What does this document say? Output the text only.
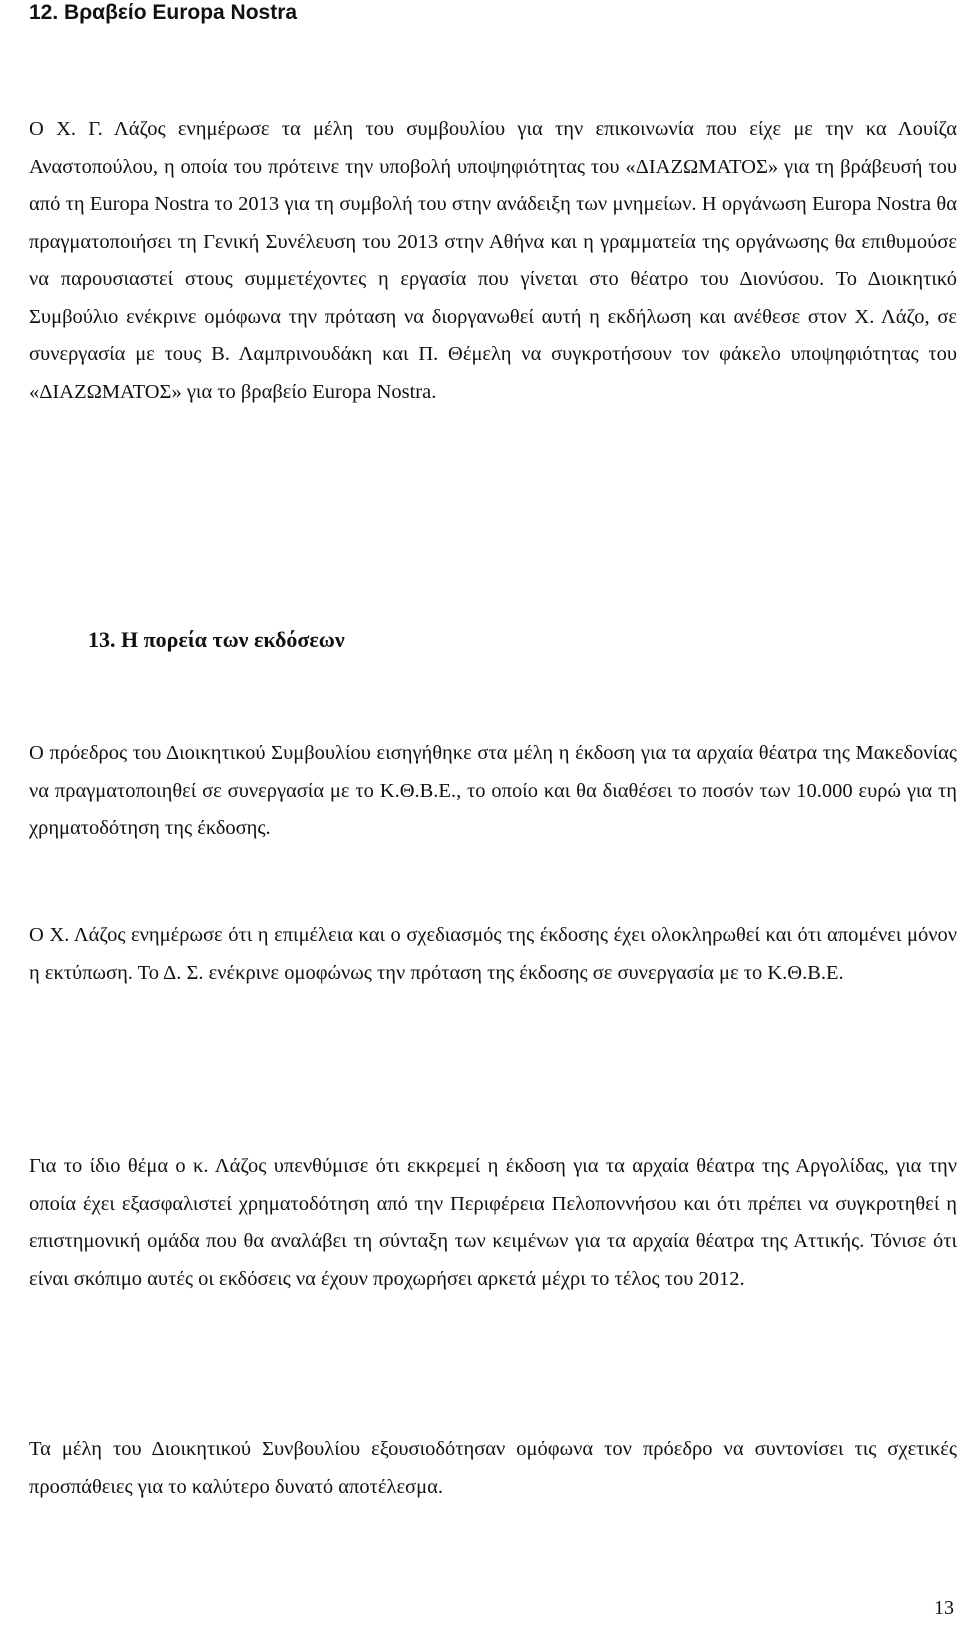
12. Βραβείο Europa Nostra

Ο Χ. Γ. Λάζος ενημέρωσε τα μέλη του συμβουλίου για την επικοινωνία που είχε με την κα Λουίζα Αναστοπούλου, η οποία του πρότεινε την υποβολή υποψηφιότητας του «ΔΙΑΖΩΜΑΤΟΣ» για τη βράβευσή του από τη Europa Nostra το 2013 για τη συμβολή του στην ανάδειξη των μνημείων. Η οργάνωση Europa Nostra θα πραγματοποιήσει τη Γενική Συνέλευση του 2013 στην Αθήνα και η γραμματεία της οργάνωσης θα επιθυμούσε να παρουσιαστεί στους συμμετέχοντες η εργασία που γίνεται στο θέατρο του Διονύσου. Το Διοικητικό Συμβούλιο ενέκρινε ομόφωνα την πρόταση να διοργανωθεί αυτή η εκδήλωση και ανέθεσε στον Χ. Λάζο, σε συνεργασία με τους Β. Λαμπρινουδάκη και Π. Θέμελη να συγκροτήσουν τον φάκελο υποψηφιότητας του «ΔΙΑΖΩΜΑΤΟΣ» για το βραβείο Europa Nostra.

13. Η πορεία των εκδόσεων

Ο πρόεδρος του Διοικητικού Συμβουλίου εισηγήθηκε στα μέλη η έκδοση για τα αρχαία θέατρα της Μακεδονίας να πραγματοποιηθεί σε συνεργασία με το Κ.Θ.Β.Ε., το οποίο και θα διαθέσει το ποσόν των 10.000 ευρώ για τη χρηματοδότηση της έκδοσης.

Ο Χ. Λάζος ενημέρωσε ότι η επιμέλεια και ο σχεδιασμός της έκδοσης έχει ολοκληρωθεί και ότι απομένει μόνον η εκτύπωση. Το Δ. Σ. ενέκρινε ομοφώνως την πρόταση της έκδοσης σε συνεργασία με το Κ.Θ.Β.Ε.

Για το ίδιο θέμα ο κ. Λάζος υπενθύμισε ότι εκκρεμεί η έκδοση για τα αρχαία θέατρα της Αργολίδας, για την οποία έχει εξασφαλιστεί χρηματοδότηση από την Περιφέρεια Πελοποννήσου και ότι πρέπει να συγκροτηθεί η επιστημονική ομάδα που θα αναλάβει τη σύνταξη των κειμένων για τα αρχαία θέατρα της Αττικής. Τόνισε ότι είναι σκόπιμο αυτές οι εκδόσεις να έχουν προχωρήσει αρκετά μέχρι το τέλος του 2012.

Τα μέλη του Διοικητικού Συνβουλίου εξουσιοδότησαν ομόφωνα τον πρόεδρο να συντονίσει τις σχετικές προσπάθειες για το καλύτερο δυνατό αποτέλεσμα.

13
